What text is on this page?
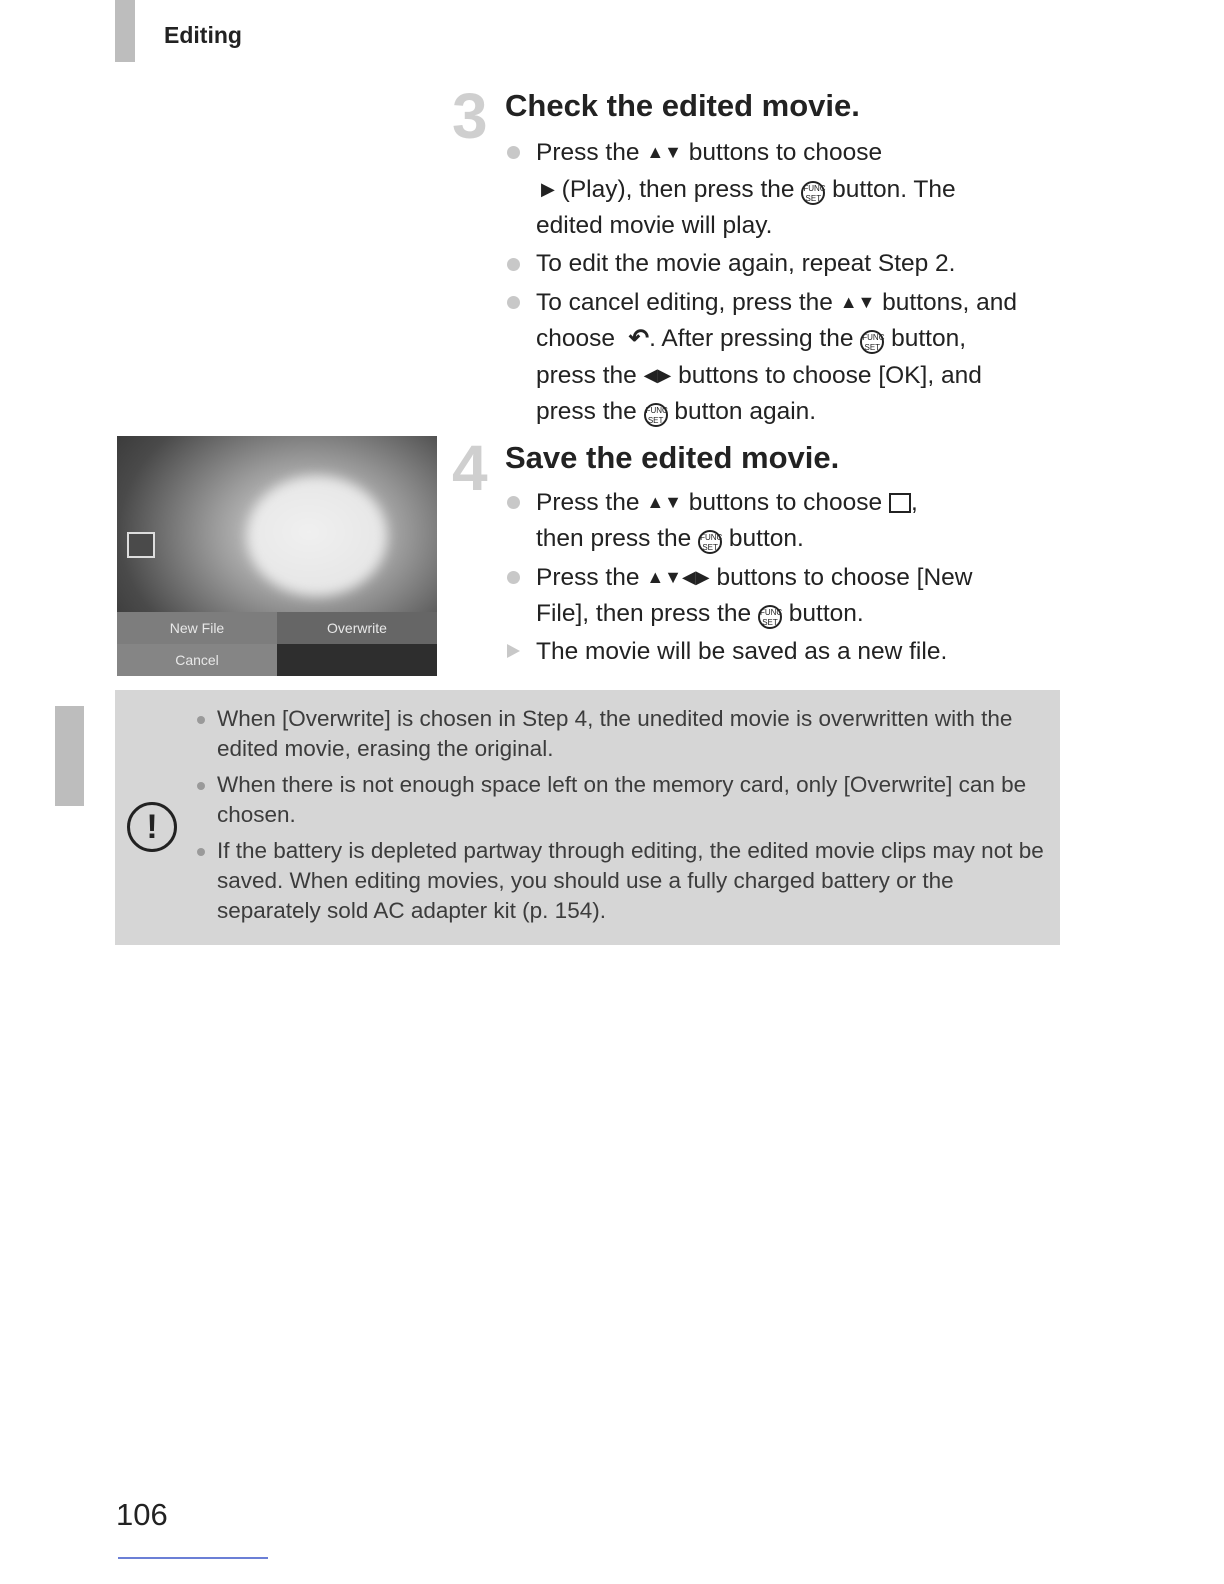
Editing
3 Check the edited movie.
Press the ▲▼ buttons to choose
▶ (Play), then press the FUNC
SET button. The edited movie will play.
To edit the movie again, repeat Step 2.
To cancel editing, press the ▲▼ buttons, and choose  ↶. After pressing the FUNC
SET button, press the ◀▶ buttons to choose [OK], and press the FUNC
SET button again.
4 Save the edited movie.
Press the ▲▼ buttons to choose ,
then press the FUNC
SET button.
Press the ▲▼◀▶ buttons to choose [New File], then press the FUNC
SET button.
The movie will be saved as a new file.
New File	Overwrite
Cancel
!
When [Overwrite] is chosen in Step 4, the unedited movie is overwritten with the edited movie, erasing the original.
When there is not enough space left on the memory card, only [Overwrite] can be chosen.
If the battery is depleted partway through editing, the edited movie clips may not be saved. When editing movies, you should use a fully charged battery or the separately sold AC adapter kit (p. 154).
106
